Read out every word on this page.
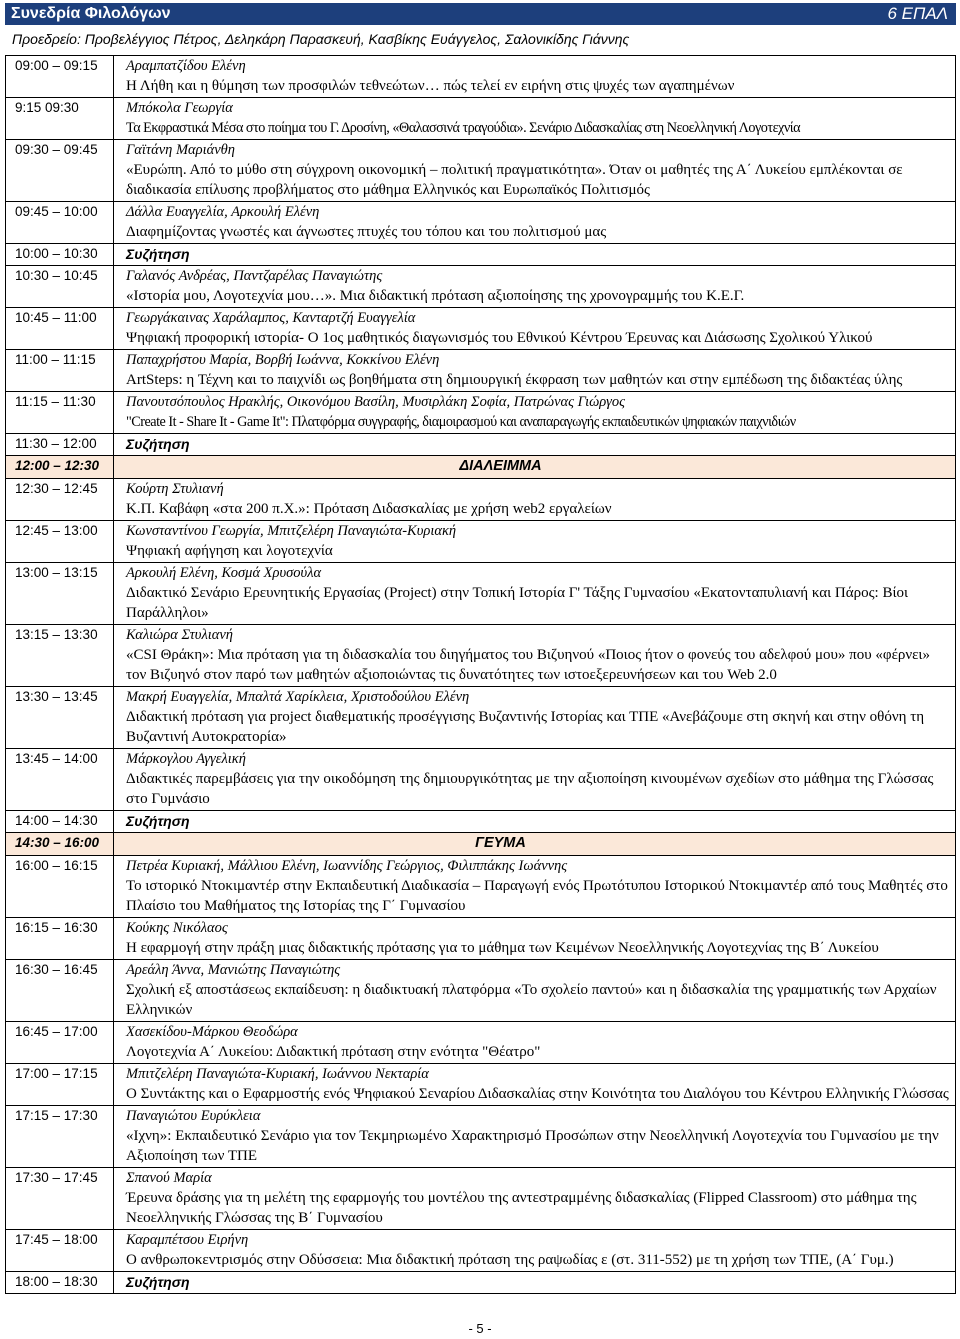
Συνεδρία Φιλολόγων	6 ΕΠΑΛ
Προεδρείο: Προβελέγγιος Πέτρος, Δεληκάρη Παρασκευή, Κασβίκης Ευάγγελος, Σαλονικίδης Γιάννης
09:00 – 09:15	Αραμπατζίδου Ελένη
Η Λήθη και η θύμηση των προσφιλών τεθνεώτων… πώς τελεί εν ειρήνη στις ψυχές των αγαπημένων

9:15 09:30	Μπόκολα Γεωργία
Τα Εκφραστικά Μέσα στο ποίημα του Γ. Δροσίνη, «Θαλασσινά τραγούδια». Σενάριο Διδασκαλίας στη Νεοελληνική Λογοτεχνία

09:30 – 09:45	Γαϊτάνη Μαριάνθη
«Ευρώπη. Από το μύθο στη σύγχρονη οικονομική – πολιτική πραγματικότητα». Όταν οι μαθητές της Α΄ Λυκείου εμπλέκονται σε διαδικασία επίλυσης προβλήματος στο μάθημα Ελληνικός και Ευρωπαϊκός Πολιτισμός

09:45 – 10:00	Δάλλα Ευαγγελία, Αρκουλή Ελένη
Διαφημίζοντας γνωστές και άγνωστες πτυχές του τόπου και του πολιτισμού μας

10:00 – 10:30	Συζήτηση

10:30 – 10:45	Γαλανός Ανδρέας, Παντζαρέλας Παναγιώτης
«Ιστορία μου, Λογοτεχνία μου…». Μια διδακτική πρόταση αξιοποίησης της χρονογραμμής του Κ.Ε.Γ.

10:45 – 11:00	Γεωργάκαινας Χαράλαμπος, Κανταρτζή Ευαγγελία
Ψηφιακή προφορική ιστορία- Ο 1ος μαθητικός διαγωνισμός του Εθνικού Κέντρου Έρευνας και Διάσωσης Σχολικού Υλικού

11:00 – 11:15	Παπαχρήστου Μαρία, Βορβή Ιωάννα, Κοκκίνου Ελένη
ArtSteps: η Τέχνη και το παιχνίδι ως βοηθήματα στη δημιουργική έκφραση των μαθητών και στην εμπέδωση της διδακτέας ύλης

11:15 – 11:30	Πανουτσόπουλος Ηρακλής, Οικονόμου Βασίλη, Μυσιρλάκη Σοφία, Πατρώνας Γιώργος
"Create It - Share It - Game It": Πλατφόρμα συγγραφής, διαμοιρασμού και αναπαραγωγής εκπαιδευτικών ψηφιακών παιχνιδιών

11:30 – 12:00	Συζήτηση

12:00 – 12:30	ΔΙΑΛΕΙΜΜΑ

12:30 – 12:45	Κούρτη Στυλιανή
Κ.Π. Καβάφη «στα 200 π.Χ.»: Πρόταση Διδασκαλίας με χρήση web2 εργαλείων

12:45 – 13:00	Κωνσταντίνου Γεωργία, Μπιτζελέρη Παναγιώτα-Κυριακή
Ψηφιακή αφήγηση και λογοτεχνία

13:00 – 13:15	Αρκουλή Ελένη, Κοσμά Χρυσούλα
Διδακτικό Σενάριο Ερευνητικής Εργασίας (Project) στην Τοπική Ιστορία Γ' Τάξης Γυμνασίου «Εκατονταπυλιανή και Πάρος: Βίοι Παράλληλοι»

13:15 – 13:30	Καλιώρα Στυλιανή
«CSI Θράκη»: Μια πρόταση για τη διδασκαλία του διηγήματος του Βιζυηνού «Ποιος ήτον ο φονεύς του αδελφού μου» που «φέρνει» τον Βιζυηνό στον παρό των μαθητών αξιοποιώντας τις δυνατότητες των ιστοεξερευνήσεων και του Web 2.0

13:30 – 13:45	Μακρή Ευαγγελία, Μπαλτά Χαρίκλεια, Χριστοδούλου Ελένη
Διδακτική πρόταση για project διαθεματικής προσέγγισης Βυζαντινής Ιστορίας και ΤΠΕ «Ανεβάζουμε στη σκηνή και στην οθόνη τη Βυζαντινή Αυτοκρατορία»

13:45 – 14:00	Μάρκογλου Αγγελική
Διδακτικές παρεμβάσεις για την οικοδόμηση της δημιουργικότητας με την αξιοποίηση κινουμένων σχεδίων στο μάθημα της Γλώσσας στο Γυμνάσιο

14:00 – 14:30	Συζήτηση

14:30 – 16:00	ΓΕΥΜΑ

16:00 – 16:15	Πετρέα Κυριακή, Μάλλιου Ελένη, Ιωαννίδης Γεώργιος, Φιλιππάκης Ιωάννης
Το ιστορικό Ντοκιμαντέρ στην Εκπαιδευτική Διαδικασία – Παραγωγή ενός Πρωτότυπου Ιστορικού Ντοκιμαντέρ από τους Μαθητές στο Πλαίσιο του Μαθήματος της Ιστορίας της Γ΄ Γυμνασίου

16:15 – 16:30	Κούκης Νικόλαος
Η εφαρμογή στην πράξη μιας διδακτικής πρότασης για το μάθημα των Κειμένων Νεοελληνικής Λογοτεχνίας της Β΄ Λυκείου

16:30 – 16:45	Αρεάλη Άννα, Μανιώτης Παναγιώτης
Σχολική εξ αποστάσεως εκπαίδευση: η διαδικτυακή πλατφόρμα «Το σχολείο παντού» και η διδασκαλία της γραμματικής των Αρχαίων Ελληνικών

16:45 – 17:00	Χασεκίδου-Μάρκου Θεοδώρα
Λογοτεχνία Α΄ Λυκείου: Διδακτική πρόταση στην ενότητα "Θέατρο"

17:00 – 17:15	Μπιτζελέρη Παναγιώτα-Κυριακή, Ιωάννου Νεκταρία
Ο Συντάκτης και ο Εφαρμοστής ενός Ψηφιακού Σεναρίου Διδασκαλίας στην Κοινότητα του Διαλόγου του Κέντρου Ελληνικής Γλώσσας

17:15 – 17:30	Παναγιώτου Ευρύκλεια
«Ιχνη»: Εκπαιδευτικό Σενάριο για τον Τεκμηριωμένο Χαρακτηρισμό Προσώπων στην Νεοελληνική Λογοτεχνία του Γυμνασίου με την Αξιοποίηση των ΤΠΕ

17:30 – 17:45	Σπανού Μαρία
Έρευνα δράσης για τη μελέτη της εφαρμογής του μοντέλου της αντεστραμμένης διδασκαλίας (Flipped Classroom) στο μάθημα της Νεοελληνικής Γλώσσας της Β΄ Γυμνασίου

17:45 – 18:00	Καραμπέτσου Ειρήνη
Ο ανθρωποκεντρισμός στην Οδύσσεια: Μια διδακτική πρόταση της ραψωδίας ε (στ. 311-552) με τη χρήση των ΤΠΕ, (Α΄ Γυμ.)

18:00 – 18:30	Συζήτηση
- 5 -
